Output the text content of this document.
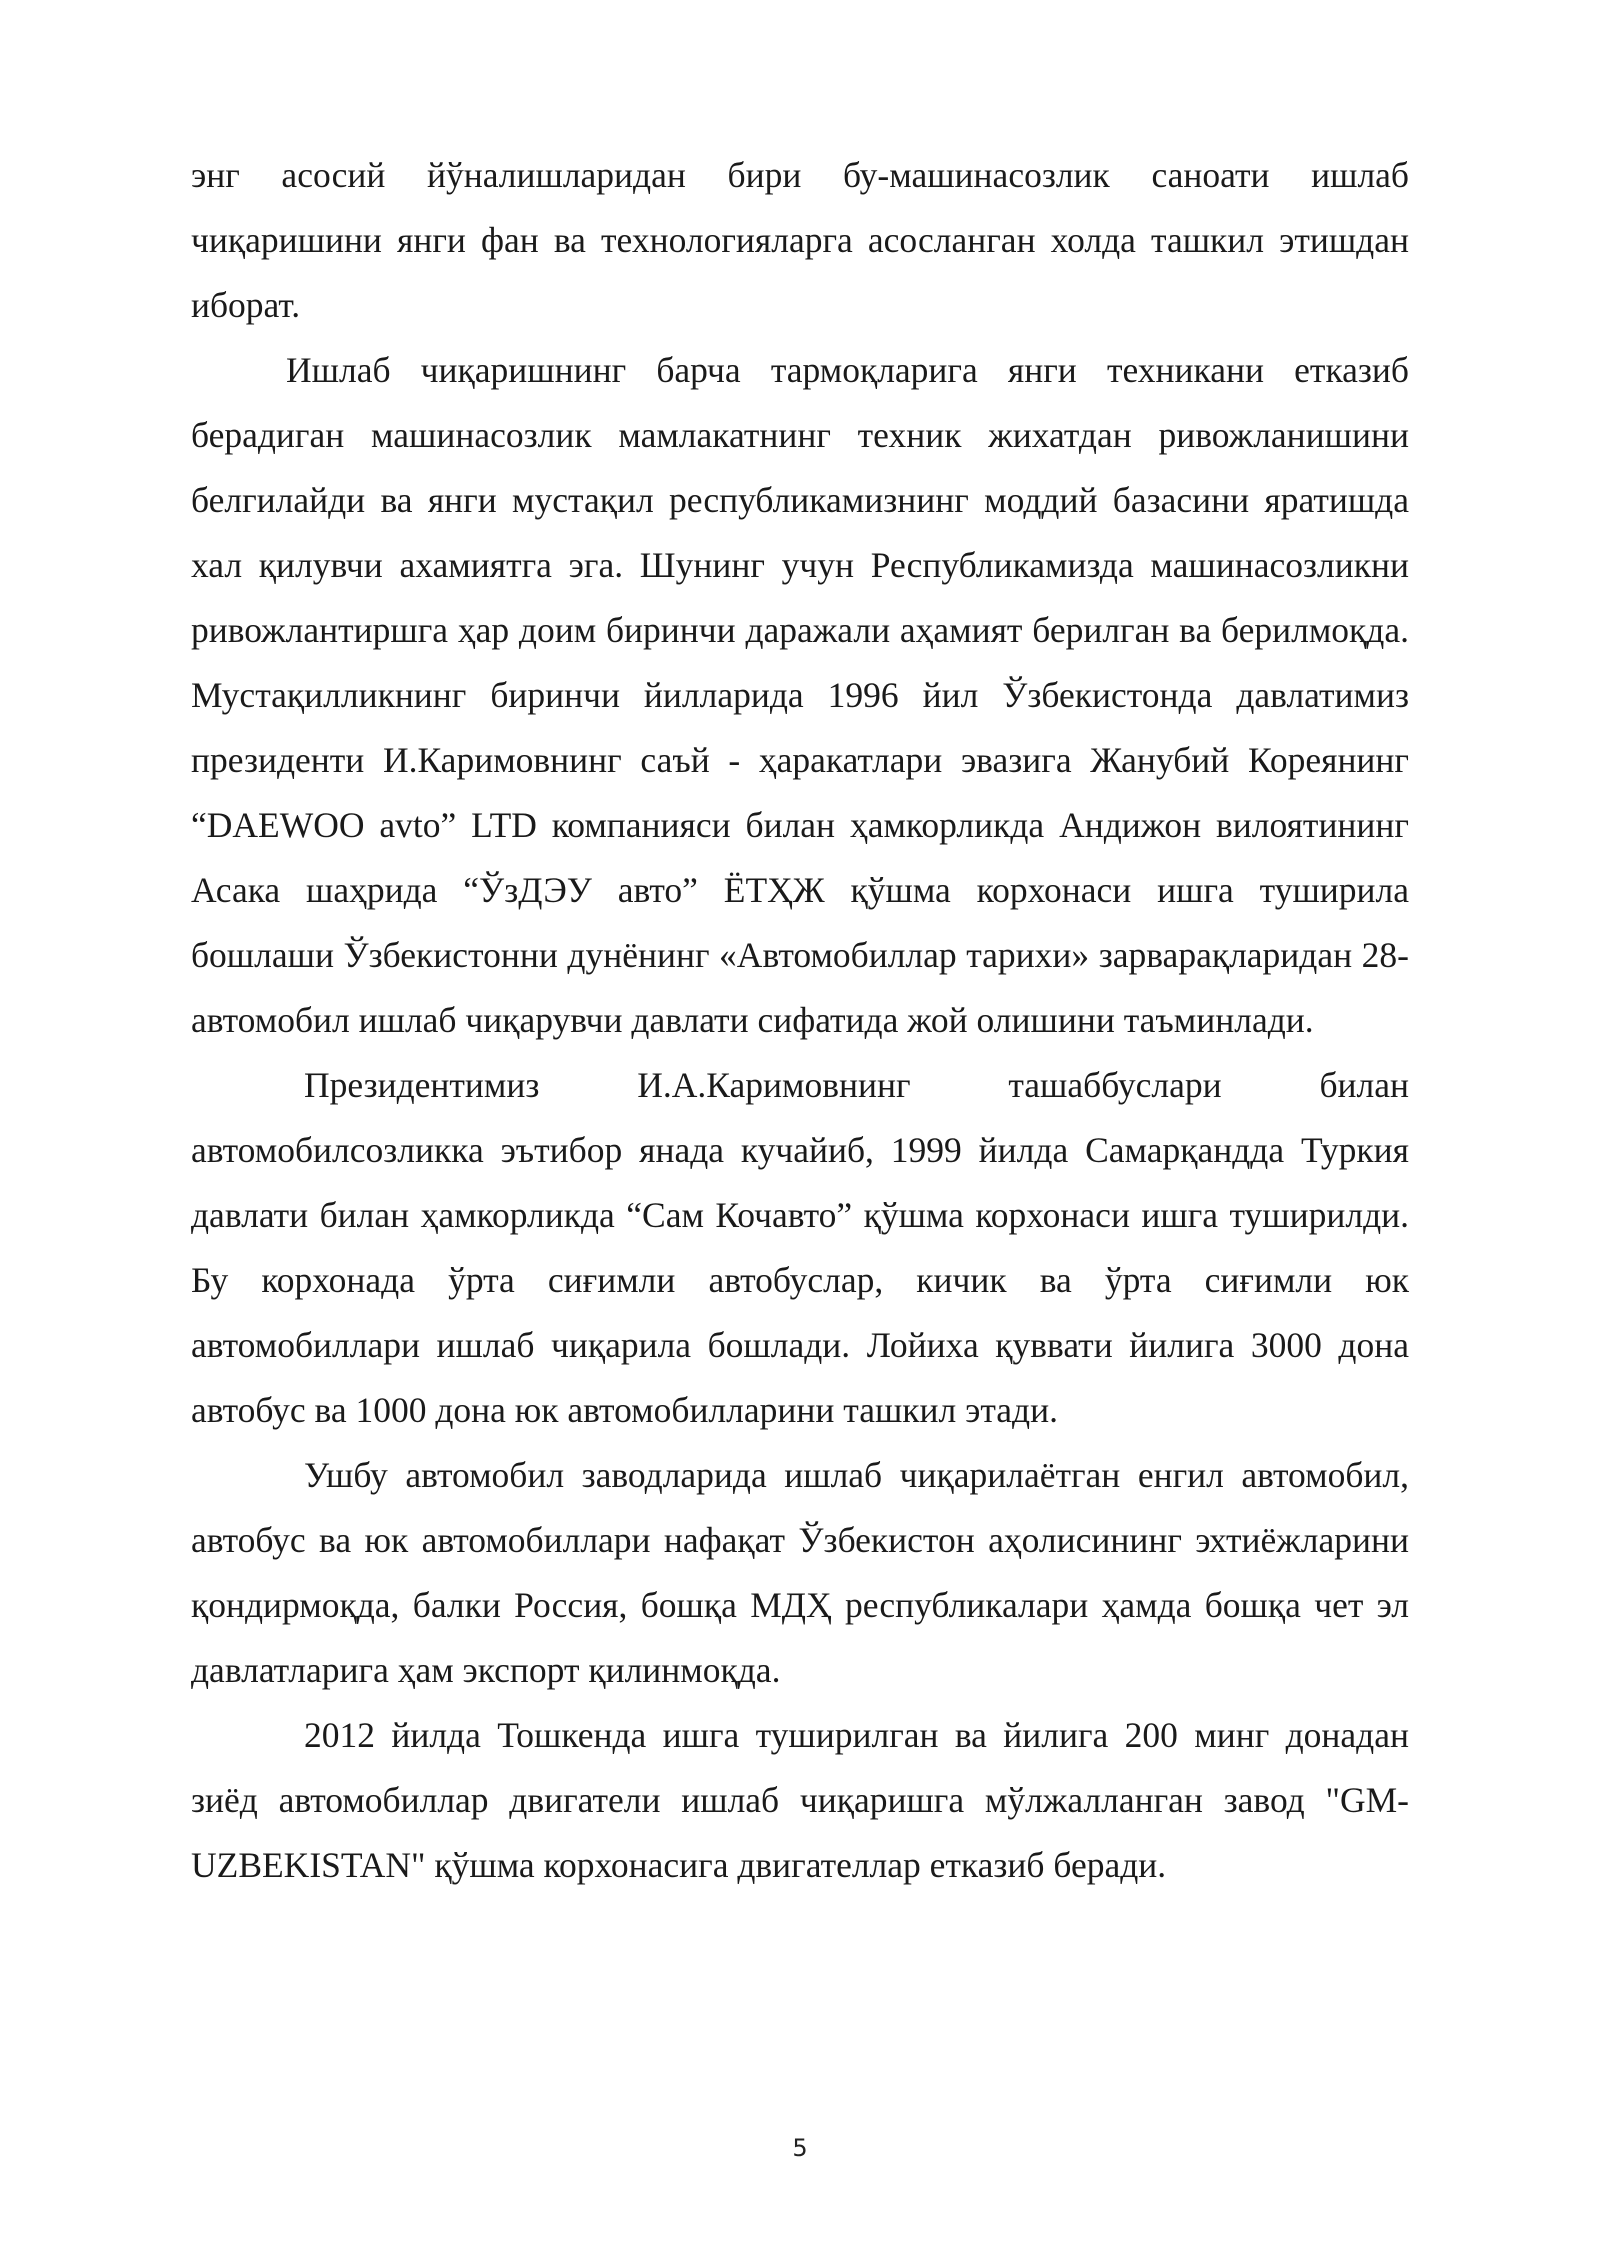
энг асосий йўналишларидан бири бу-машинасозлик саноати ишлаб чиқаришини янги фан ва технологияларга асосланган холда ташкил этишдан иборат.

Ишлаб чиқаришнинг барча тармоқларига янги техникани етказиб берадиган машинасозлик мамлакатнинг техник жихатдан ривожланишини белгилайди ва янги мустақил республикамизнинг моддий базасини яратишда хал қилувчи ахамиятга эга. Шунинг учун Республикамизда машинасозликни ривожлантиршга ҳар доим биринчи даражали аҳамият берилган ва берилмоқда. Мустақилликнинг биринчи йилларида 1996 йил Ўзбекистонда давлатимиз президенти И.Каримовнинг саъй - ҳаракатлари эвазига Жанубий Кореянинг “DAEWOO avto” LTD компанияси билан ҳамкорликда Андижон вилоятининг Асака шаҳрида “ЎзДЭУ авто” ЁТҲЖ қўшма корхонаси ишга туширила бошлаши Ўзбекистонни дунёнинг «Автомобиллар тарихи» зарварақларидан 28-автомобил ишлаб чиқарувчи давлати сифатида жой олишини таъминлади.

Президентимиз И.А.Каримовнинг ташаббуслари билан автомобилсозликка эътибор янада кучайиб, 1999 йилда Самарқандда Туркия давлати билан ҳамкорликда “Сам Кочавто” қўшма корхонаси ишга туширилди. Бу корхонада ўрта сиғимли автобуслар, кичик ва ўрта сиғимли юк автомобиллари ишлаб чиқарила бошлади. Лойиха қуввати йилига 3000 дона автобус ва 1000 дона юк автомобилларини ташкил этади.

Ушбу автомобил заводларида ишлаб чиқарилаётган енгил автомобил, автобус ва юк автомобиллари нафақат Ўзбекистон аҳолисининг эхтиёжларини қондирмоқда, балки Россия, бошқа МДҲ республикалари ҳамда бошқа чет эл давлатларига ҳам экспорт қилинмоқда.

2012 йилда Тошкенда ишга туширилган ва йилига 200 минг донадан зиёд автомобиллар двигатели ишлаб чиқаришга мўлжалланган завод "GM-UZBEKISTAN" қўшма корхонасига двигателлар етказиб беради.

5
